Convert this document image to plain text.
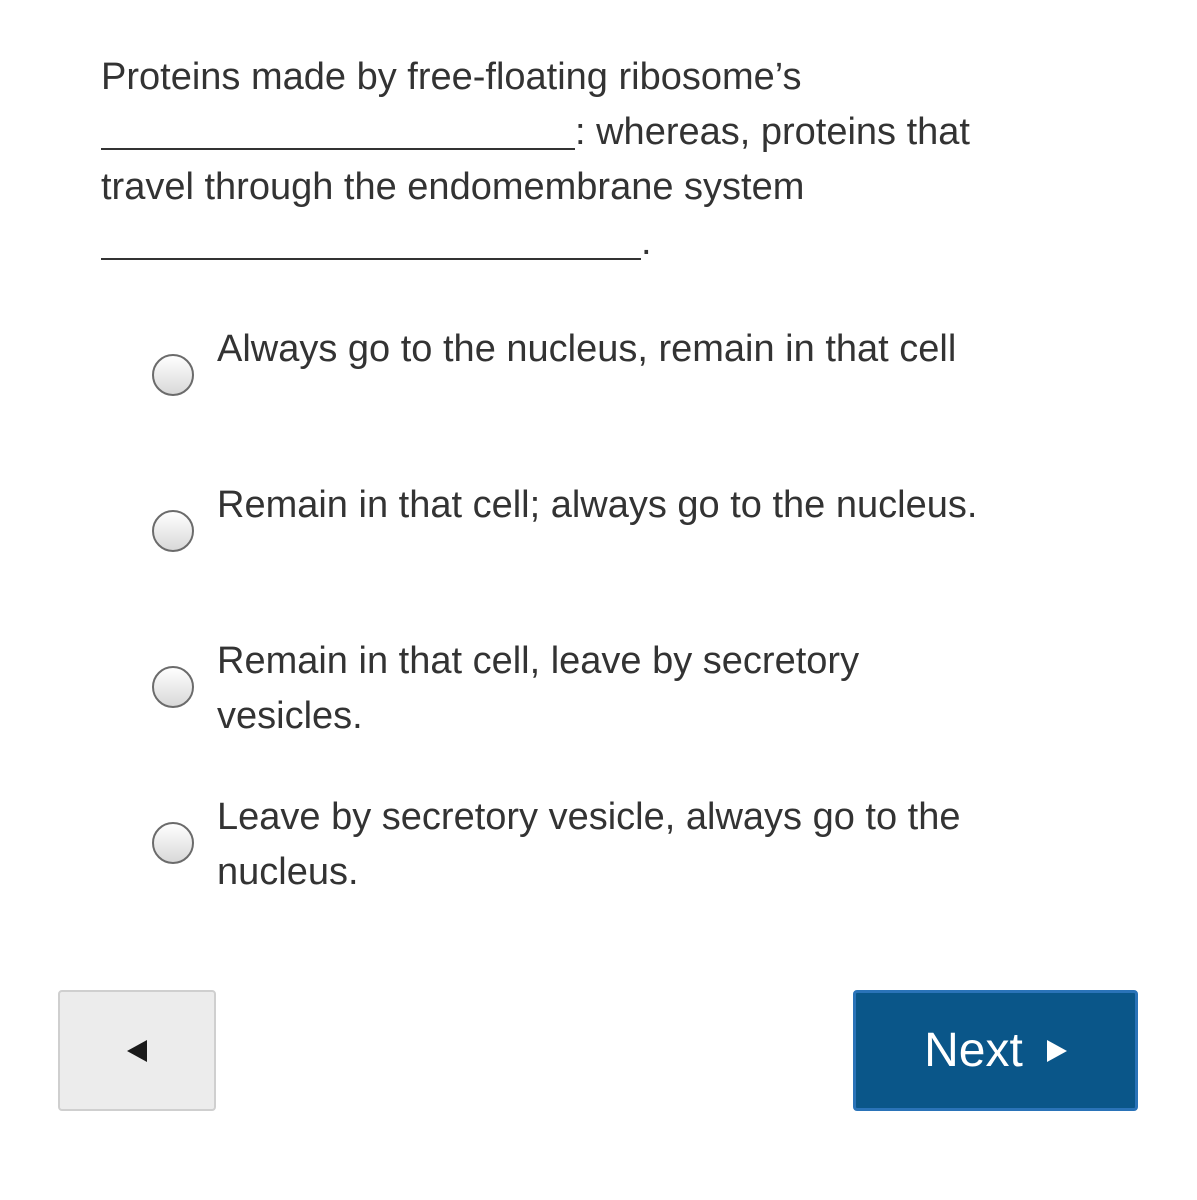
Proteins made by free-floating ribosome’s
: whereas, proteins that travel through the endomembrane system
.

Always go to the nucleus, remain in that cell
Remain in that cell; always go to the nucleus.
Remain in that cell, leave by secretory vesicles.
Leave by secretory vesicle, always go to the nucleus.
Next
